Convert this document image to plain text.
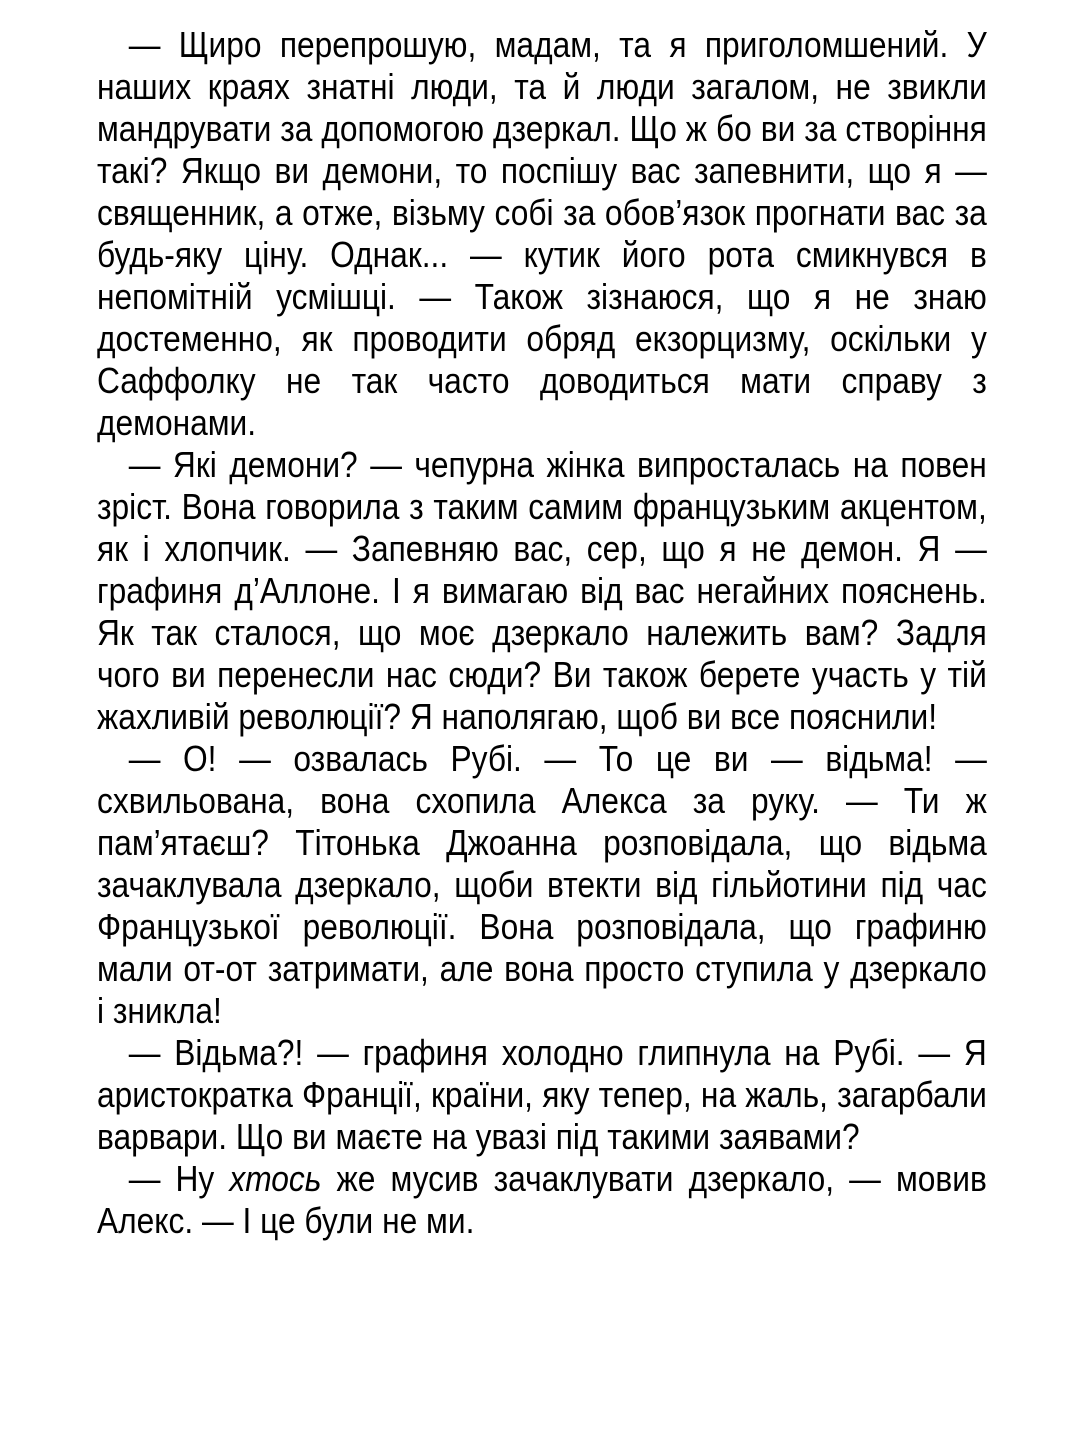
— Щиро перепрошую, мадам, та я приголомшений. У наших краях знатні люди, та й люди загалом, не звикли мандрувати за допомогою дзеркал. Що ж бо ви за створіння такі? Якщо ви демони, то поспішу вас запевнити, що я — священник, а отже, візьму собі за обов’язок прогнати вас за будь-яку ціну. Однак... — кутик його рота смикнувся в непомітній усмішці. — Також зізнаюся, що я не знаю достеменно, як проводити обряд екзорцизму, оскільки у Саффолку не так часто доводиться мати справу з демонами.

— Які демони? — чепурна жінка випросталась на повен зріст. Вона говорила з таким самим французьким акцентом, як і хлопчик. — Запевняю вас, сер, що я не демон. Я — графиня д’Аллоне. І я вимагаю від вас негайних пояснень. Як так сталося, що моє дзеркало належить вам? Задля чого ви перенесли нас сюди? Ви також берете участь у тій жахливій революції? Я наполягаю, щоб ви все пояснили!

— О! — озвалась Рубі. — То це ви — відьма! — схвильована, вона схопила Алекса за руку. — Ти ж пам’ятаєш? Тітонька Джоанна розповідала, що відьма зачаклувала дзеркало, щоби втекти від гільйотини під час Французької революції. Вона розповідала, що графиню мали от-от затримати, але вона просто ступила у дзеркало і зникла!

— Відьма?! — графиня холодно глипнула на Рубі. — Я аристократка Франції, країни, яку тепер, на жаль, загарбали варвари. Що ви маєте на увазі під такими заявами?

— Ну хтось же мусив зачаклувати дзеркало, — мовив Алекс. — І це були не ми.
